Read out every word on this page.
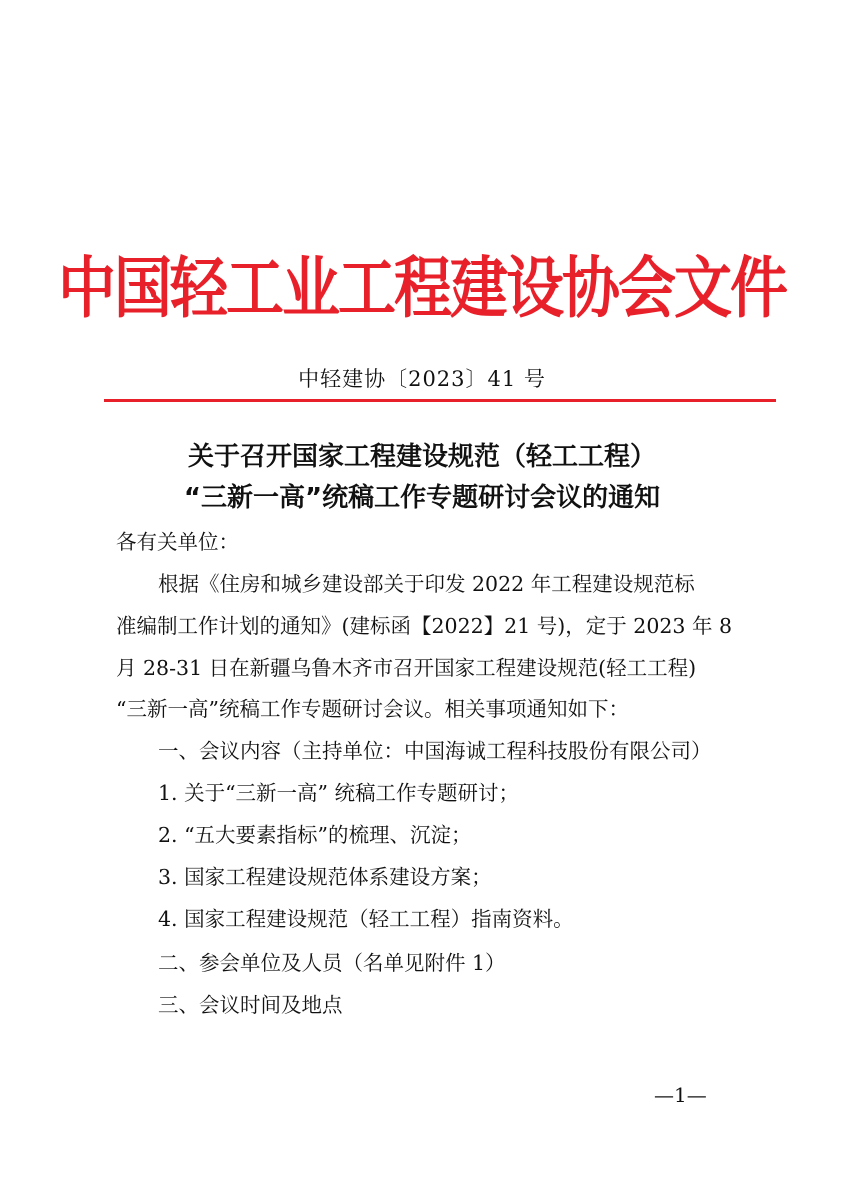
中国轻工业工程建设协会文件
中轻建协〔2023〕41 号
关于召开国家工程建设规范（轻工工程）
“三新一高”统稿工作专题研讨会议的通知
各有关单位：
根据《住房和城乡建设部关于印发 2022 年工程建设规范标
准编制工作计划的通知》(建标函【2022】21 号)，定于 2023 年 8
月 28-31 日在新疆乌鲁木齐市召开国家工程建设规范(轻工工程)
“三新一高”统稿工作专题研讨会议。相关事项通知如下：
一、会议内容（主持单位：中国海诚工程科技股份有限公司）
1. 关于“三新一高” 统稿工作专题研讨；
2. “五大要素指标”的梳理、沉淀；
3. 国家工程建设规范体系建设方案；
4. 国家工程建设规范（轻工工程）指南资料。
二、参会单位及人员（名单见附件 1）
三、会议时间及地点
—1—
